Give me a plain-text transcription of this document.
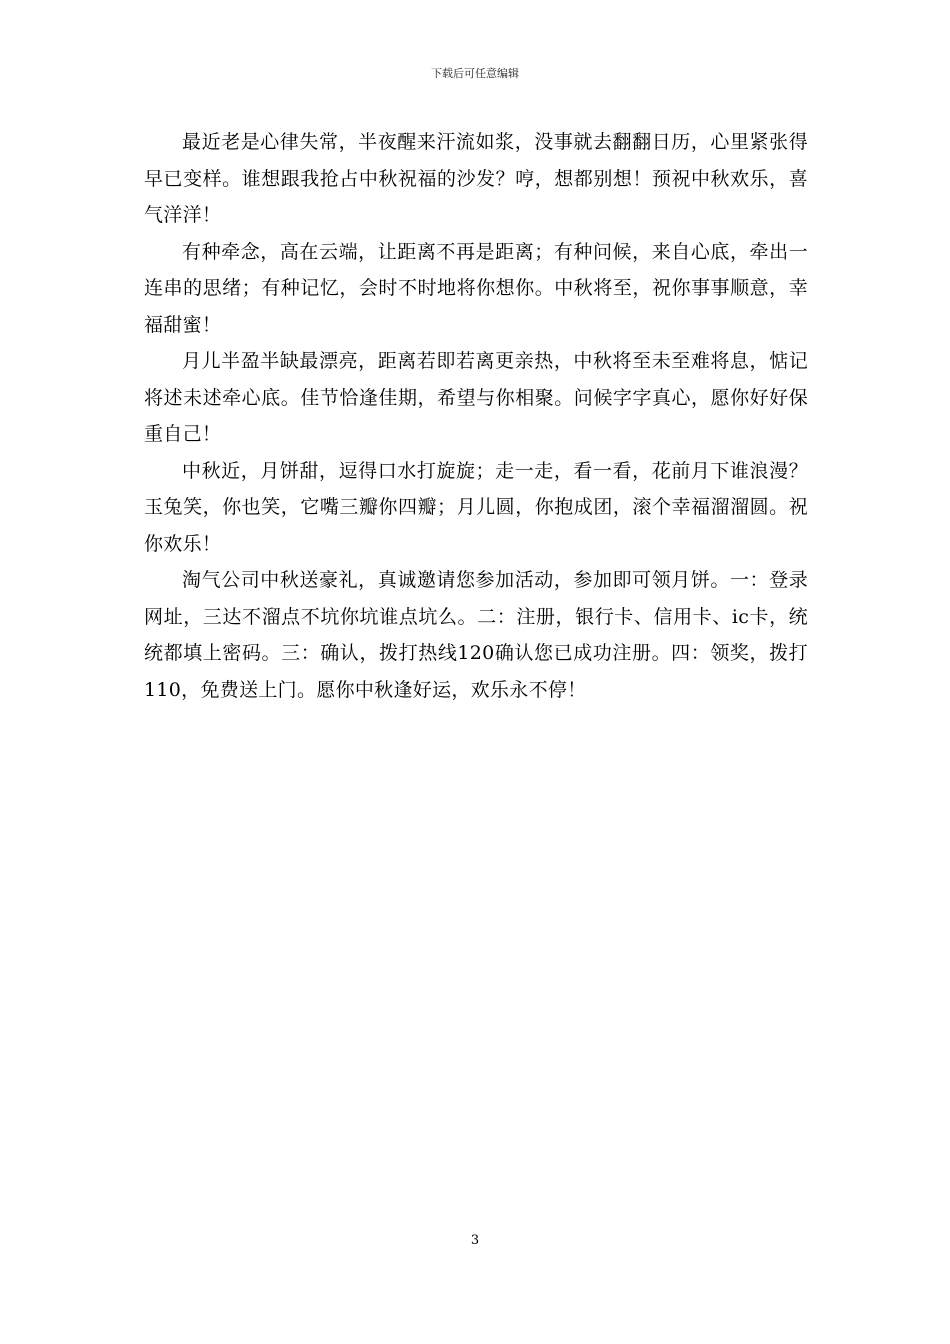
下载后可任意编辑

最近老是心律失常，半夜醒来汗流如浆，没事就去翻翻日历，心里紧张得早已变样。谁想跟我抢占中秋祝福的沙发？哼，想都别想！预祝中秋欢乐，喜气洋洋！

有种牵念，高在云端，让距离不再是距离；有种问候，来自心底，牵出一连串的思绪；有种记忆，会时不时地将你想你。中秋将至，祝你事事顺意，幸福甜蜜！

月儿半盈半缺最漂亮，距离若即若离更亲热，中秋将至未至难将息，惦记将述未述牵心底。佳节恰逢佳期，希望与你相聚。问候字字真心，愿你好好保重自己！

中秋近，月饼甜，逗得口水打旋旋；走一走，看一看，花前月下谁浪漫？玉兔笑，你也笑，它嘴三瓣你四瓣；月儿圆，你抱成团，滚个幸福溜溜圆。祝你欢乐！

淘气公司中秋送豪礼，真诚邀请您参加活动，参加即可领月饼。一：登录网址，三达不溜点不坑你坑谁点坑么。二：注册，银行卡、信用卡、ic卡，统统都填上密码。三：确认，拨打热线120确认您已成功注册。四：领奖，拨打110，免费送上门。愿你中秋逢好运，欢乐永不停！

3
